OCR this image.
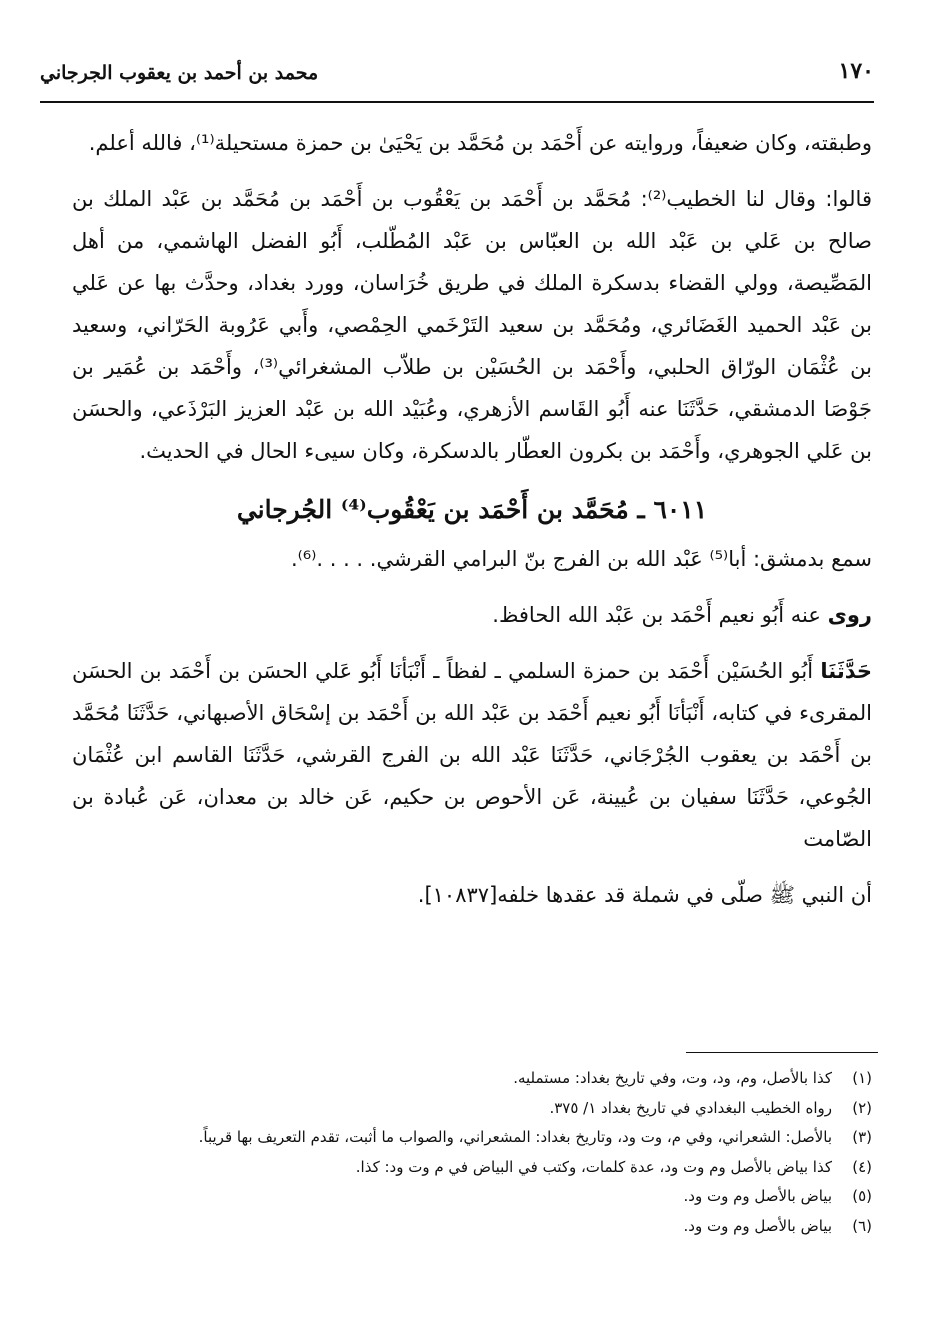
١٧٠
محمد بن أحمد بن يعقوب الجرجاني

وطبقته، وكان ضعيفاً، وروايته عن أَحْمَد بن مُحَمَّد بن يَحْيَىٰ بن حمزة مستحيلة⁽¹⁾، فالله أعلم.

قالوا: وقال لنا الخطيب⁽²⁾: مُحَمَّد بن أَحْمَد بن يَعْقُوب بن أَحْمَد بن مُحَمَّد بن عَبْد الملك بن صالح بن عَلي بن عَبْد الله بن العبّاس بن عَبْد المُطّلب، أَبُو الفضل الهاشمي، من أهل المَصِّيصة، وولي القضاء بدسكرة الملك في طريق خُرَاسان، وورد بغداد، وحدَّث بها عن عَلي بن عَبْد الحميد الغَضَائري، ومُحَمَّد بن سعيد التَرْخَمي الحِمْصي، وأَبي عَرُوبة الحَرّاني، وسعيد بن عُثْمَان الورّاق الحلبي، وأَحْمَد بن الحُسَيْن بن طلاّب المشغرائي⁽³⁾، وأَحْمَد بن عُمَير بن جَوْصَا الدمشقي، حَدَّثَنَا عنه أَبُو القَاسم الأزهري، وعُبَيْد الله بن عَبْد العزيز البَرْذَعي، والحسَن بن عَلي الجوهري، وأَحْمَد بن بكرون العطّار بالدسكرة، وكان سيىء الحال في الحديث.

٦٠١١ ـ مُحَمَّد بن أَحْمَد بن يَعْقُوب⁽⁴⁾ الجُرجاني

سمع بدمشق: أبا⁽⁵⁾ عَبْد الله بن الفرج بنّ البرامي القرشي. . . . .⁽⁶⁾.

روى عنه أَبُو نعيم أَحْمَد بن عَبْد الله الحافظ.

حَدَّثَنَا أَبُو الحُسَيْن أَحْمَد بن حمزة السلمي ـ لفظاً ـ أَنْبَأنَا أَبُو عَلي الحسَن بن أَحْمَد بن الحسَن المقرىء في كتابه، أَنْبَأنَا أَبُو نعيم أَحْمَد بن عَبْد الله بن أَحْمَد بن إسْحَاق الأصبهاني، حَدَّثَنَا مُحَمَّد بن أَحْمَد بن يعقوب الجُرْجَاني، حَدَّثَنَا عَبْد الله بن الفرج القرشي، حَدَّثَنَا القاسم ابن عُثْمَان الجُوعي، حَدَّثَنَا سفيان بن عُيينة، عَن الأحوص بن حكيم، عَن خالد بن معدان، عَن عُبادة بن الصّامت

أن النبي ﷺ صلّى في شملة قد عقدها خلفه[١٠٨٣٧].

(١)
كذا بالأصل، وم، ود، وت، وفي تاريخ بغداد: مستمليه.
(٢)
رواه الخطيب البغدادي في تاريخ بغداد ١/ ٣٧٥.
(٣)
بالأصل: الشعراني، وفي م، وت ود، وتاريخ بغداد: المشعراني، والصواب ما أثبت، تقدم التعريف بها قريباً.
(٤)
كذا بياض بالأصل وم وت ود، عدة كلمات، وكتب في البياض في م وت ود: كذا.
(٥)
بياض بالأصل وم وت ود.
(٦)
بياض بالأصل وم وت ود.
